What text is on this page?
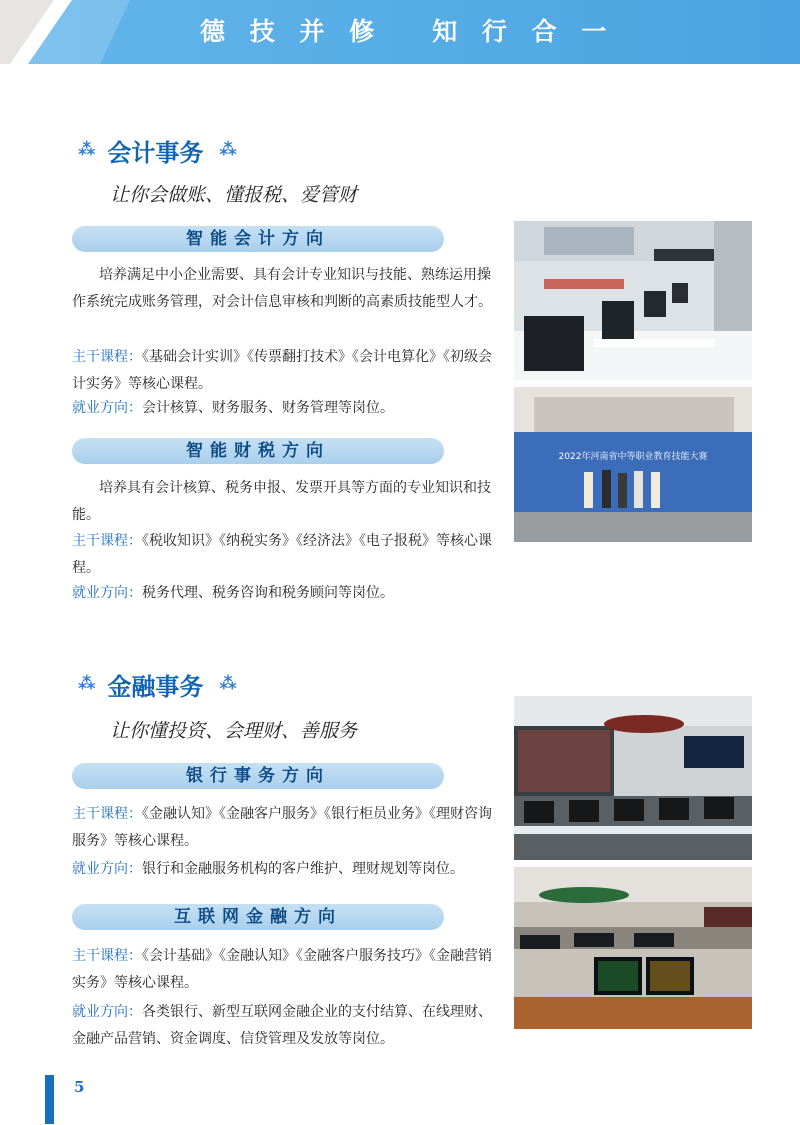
德 技 并 修   知 行 合 一
⁂ 会计事务 ⁂
让你会做账、懂报税、爱管财
智能会计方向
培养满足中小企业需要、具有会计专业知识与技能、熟练运用操作系统完成账务管理，对会计信息审核和判断的高素质技能型人才。
主干课程：《基础会计实训》《传票翻打技术》《会计电算化》《初级会计实务》等核心课程。
就业方向：会计核算、财务服务、财务管理等岗位。
智能财税方向
培养具有会计核算、税务申报、发票开具等方面的专业知识和技能。
主干课程：《税收知识》《纳税实务》《经济法》《电子报税》等核心课程。
就业方向：税务代理、税务咨询和税务顾问等岗位。
⁂ 金融事务 ⁂
让你懂投资、会理财、善服务
银行事务方向
主干课程：《金融认知》《金融客户服务》《银行柜员业务》《理财咨询服务》等核心课程。
就业方向：银行和金融服务机构的客户维护、理财规划等岗位。
互联网金融方向
主干课程：《会计基础》《金融认知》《金融客户服务技巧》《金融营销实务》等核心课程。
就业方向：各类银行、新型互联网金融企业的支付结算、在线理财、金融产品营销、资金调度、信贷管理及发放等岗位。
2022年河南省中等职业教育技能大赛
5
